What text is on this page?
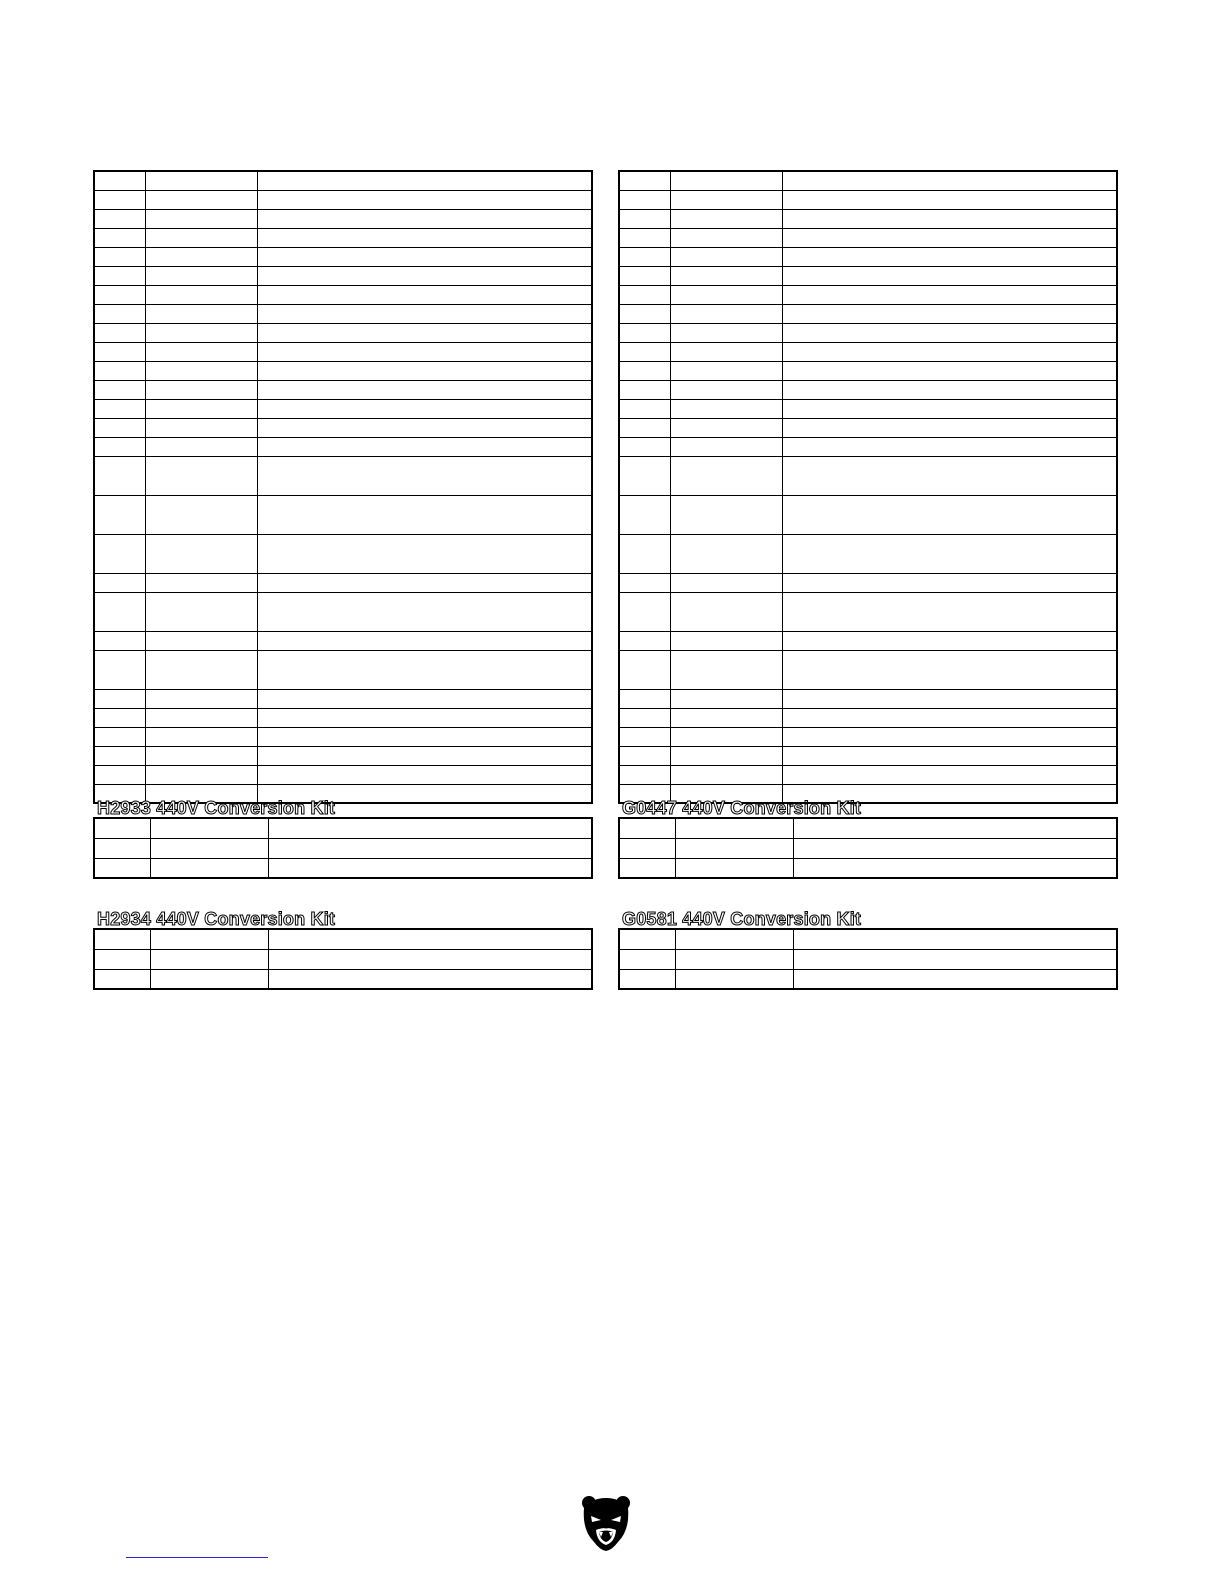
H2933 440V Conversion Kit

			G0447 440V Conversion Kit

H2934 440V Conversion Kit

			G0581 440V Conversion Kit
